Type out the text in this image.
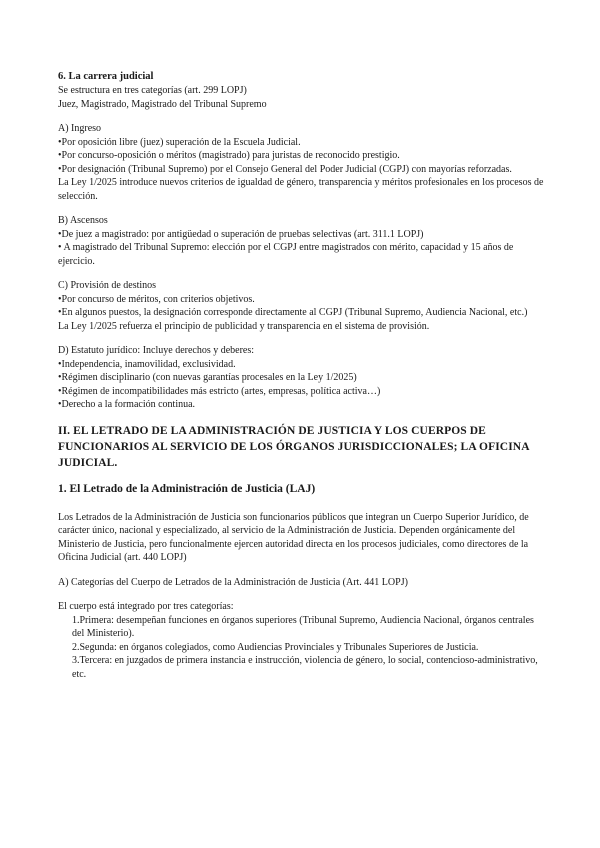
6. La carrera judicial
Se estructura en tres categorías (art. 299 LOPJ)
Juez, Magistrado, Magistrado del Tribunal Supremo
A) Ingreso
•Por oposición libre (juez) superación de la Escuela Judicial.
•Por concurso-oposición o méritos (magistrado) para juristas de reconocido prestigio.
•Por designación (Tribunal Supremo) por el Consejo General del Poder Judicial (CGPJ) con mayorías reforzadas.
La Ley 1/2025 introduce nuevos criterios de igualdad de género, transparencia y méritos profesionales en los procesos de selección.
B) Ascensos
•De juez a magistrado: por antigüedad o superación de pruebas selectivas (art. 311.1 LOPJ)
• A magistrado del Tribunal Supremo: elección por el CGPJ entre magistrados con mérito, capacidad y 15 años de ejercicio.
C) Provisión de destinos
•Por concurso de méritos, con criterios objetivos.
•En algunos puestos, la designación corresponde directamente al CGPJ (Tribunal Supremo, Audiencia Nacional, etc.)
La Ley 1/2025 refuerza el principio de publicidad y transparencia en el sistema de provisión.
D) Estatuto jurídico: Incluye derechos y deberes:
•Independencia, inamovilidad, exclusividad.
•Régimen disciplinario (con nuevas garantías procesales en la Ley 1/2025)
•Régimen de incompatibilidades más estricto (artes, empresas, política activa…)
•Derecho a la formación continua.
II. EL LETRADO DE LA ADMINISTRACIÓN DE JUSTICIA Y LOS CUERPOS DE FUNCIONARIOS AL SERVICIO DE LOS ÓRGANOS JURISDICCIONALES; LA OFICINA JUDICIAL.
1. El Letrado de la Administración de Justicia (LAJ)
Los Letrados de la Administración de Justicia son funcionarios públicos que integran un Cuerpo Superior Jurídico, de carácter único, nacional y especializado, al servicio de la Administración de Justicia. Dependen orgánicamente del Ministerio de Justicia, pero funcionalmente ejercen autoridad directa en los procesos judiciales, como directores de la Oficina Judicial (art. 440 LOPJ)
A) Categorías del Cuerpo de Letrados de la Administración de Justicia (Art. 441 LOPJ)
El cuerpo está integrado por tres categorías:
1.Primera: desempeñan funciones en órganos superiores (Tribunal Supremo, Audiencia Nacional, órganos centrales del Ministerio).
2.Segunda: en órganos colegiados, como Audiencias Provinciales y Tribunales Superiores de Justicia.
3.Tercera: en juzgados de primera instancia e instrucción, violencia de género, lo social, contencioso-administrativo, etc.
